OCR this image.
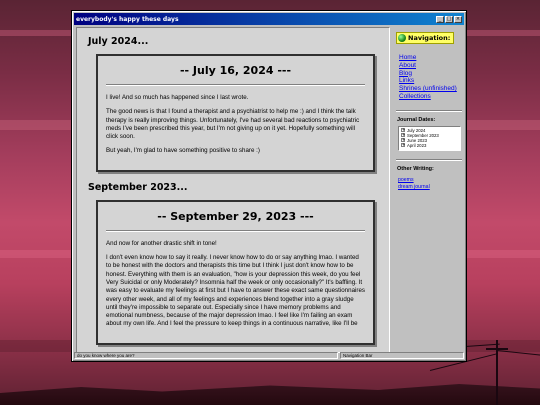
everybody's happy these days	_	□ ×
July 2024...
-- July 16, 2024 ---

I live! And so much has happened since I last wrote.

The good news is that I found a therapist and a psychiatrist to help me :) and I think the talk therapy is really improving things. Unfortunately, I've had several bad reactions to psychiatric meds I've been prescribed this year, but I'm not giving up on it yet. Hopefully something will click soon.

But yeah, I'm glad to have something positive to share :)

September 2023...
-- September 29, 2023 ---

And now for another drastic shift in tone!

I don't even know how to say it really. I never know how to do or say anything lmao. I wanted to be honest with the doctors and therapists this time but I think I just don't know how to be honest. Everything with them is an evaluation, "how is your depression this week, do you feel Very Suicidal or only Moderately? Insomnia half the week or only occasionally?" It's baffling. It was easy to evaluate my feelings at first but I have to answer these exact same questionnaires every other week, and all of my feelings and experiences blend together into a gray sludge until they're impossible to separate out. Especially since I have memory problems and emotional numbness, because of the major depression lmao. I feel like I'm failing an exam about my own life. And I feel the pressure to keep things in a continuous narrative, like I'll be

Navigation:
Home
About
Blog
Links
Shrines (unfinished)
Collections
Journal Dates:
+ July 2024
+ September 2023
+ June 2023
+ April 2023
Other Writing:
poems
dream journal
do you know where you are?	Navigation Bar
